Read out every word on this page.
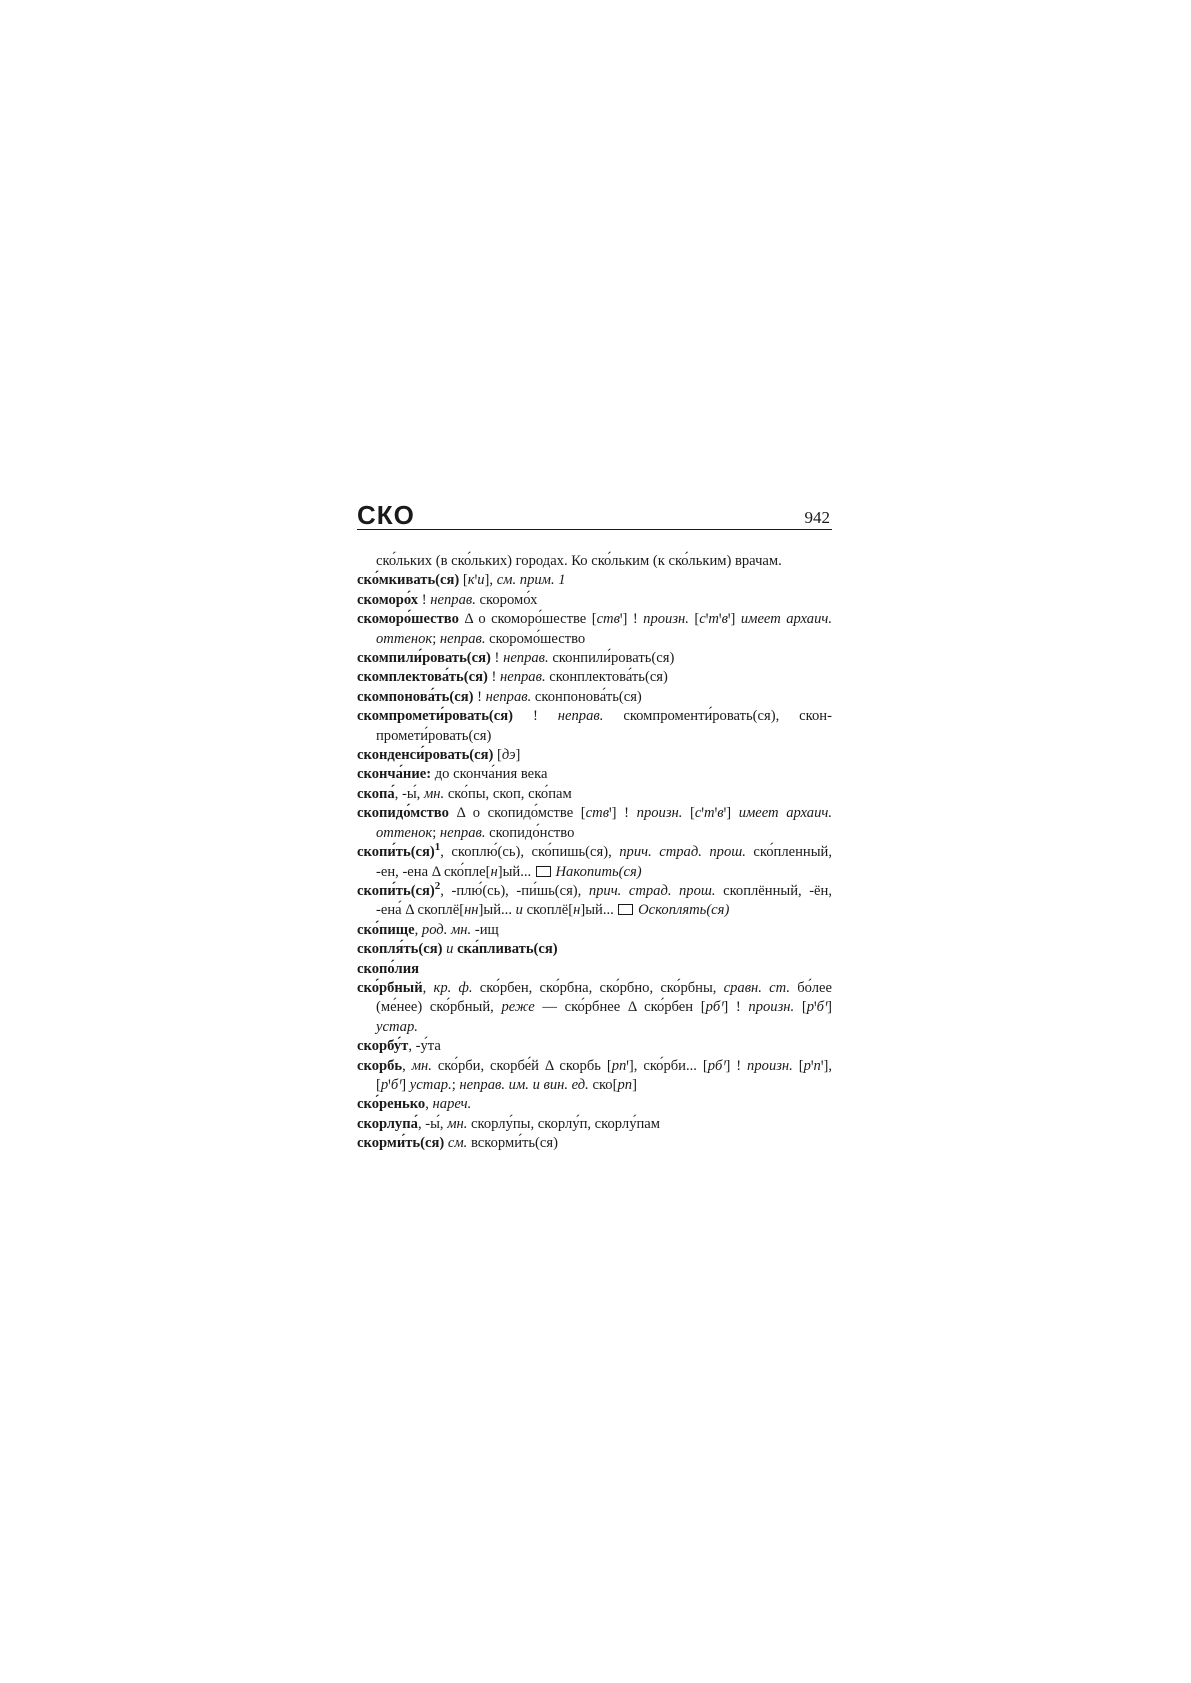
СКО	942

ско́льких (в ско́льких) городах. Ко ско́льким (к ско́льким) врачам.

ско́мкивать(ся) [кꞌи], см. прим. 1

скоморо́х ! неправ. скоромо́х

скоморо́шество Δ о скоморо́шестве [ствꞌ] ! произн. [сꞌтꞌвꞌ] имеет архаич. оттенок; неправ. скоромо́шество

скомпили́ровать(ся) ! неправ. сконпили́ровать(ся)

скомплектова́ть(ся) ! неправ. сконплектова́ть(ся)

скомпонова́ть(ся) ! неправ. сконпонова́ть(ся)

скомпромети́ровать(ся) ! неправ. скомпроменти́ровать(ся), сконпромети́ровать(ся)

сконденси́ровать(ся) [дэ]

сконча́ние: до сконча́ния века

скопа́, -ы́, мн. ско́пы, скоп, ско́пам

скопидо́мство Δ о скопидо́мстве [ствꞌ] ! произн. [сꞌтꞌвꞌ] имеет архаич. оттенок; неправ. скопидо́нство

скопи́ть(ся)$^1$, скоплю́(сь), ско́пишь(ся), прич. страд. прош. ско́пленный, -ен, -ена Δ ско́пле[н]ый...  Накопить(ся)

скопи́ть(ся)$^2$, -плю́(сь), -пи́шь(ся), прич. страд. прош. скоплённый, -ён, -ена́ Δ скоплё[нн]ый... и скоплё[н]ый...  Оскоплять(ся)

ско́пище, род. мн. -ищ

скопля́ть(ся) и ска́пливать(ся)

скопо́лия

ско́рбный, кр. ф. ско́рбен, ско́рбна, ско́рбно, ско́рбны, сравн. ст. бо́лее (ме́нее) ско́рбный, реже — ско́рбнее Δ ско́рбен [рбꞌ] ! произн. [рꞌбꞌ] устар.

скорбу́т, -у́та

скорбь, мн. ско́рби, скорбе́й Δ скорбь [рпꞌ], ско́рби... [рбꞌ] ! произн. [рꞌпꞌ], [рꞌбꞌ] устар.; неправ. им. и вин. ед. ско[рп]

ско́ренько, нареч.

скорлупа́, -ы́, мн. скорлу́пы, скорлу́п, скорлу́пам

скорми́ть(ся) см. вскорми́ть(ся)
